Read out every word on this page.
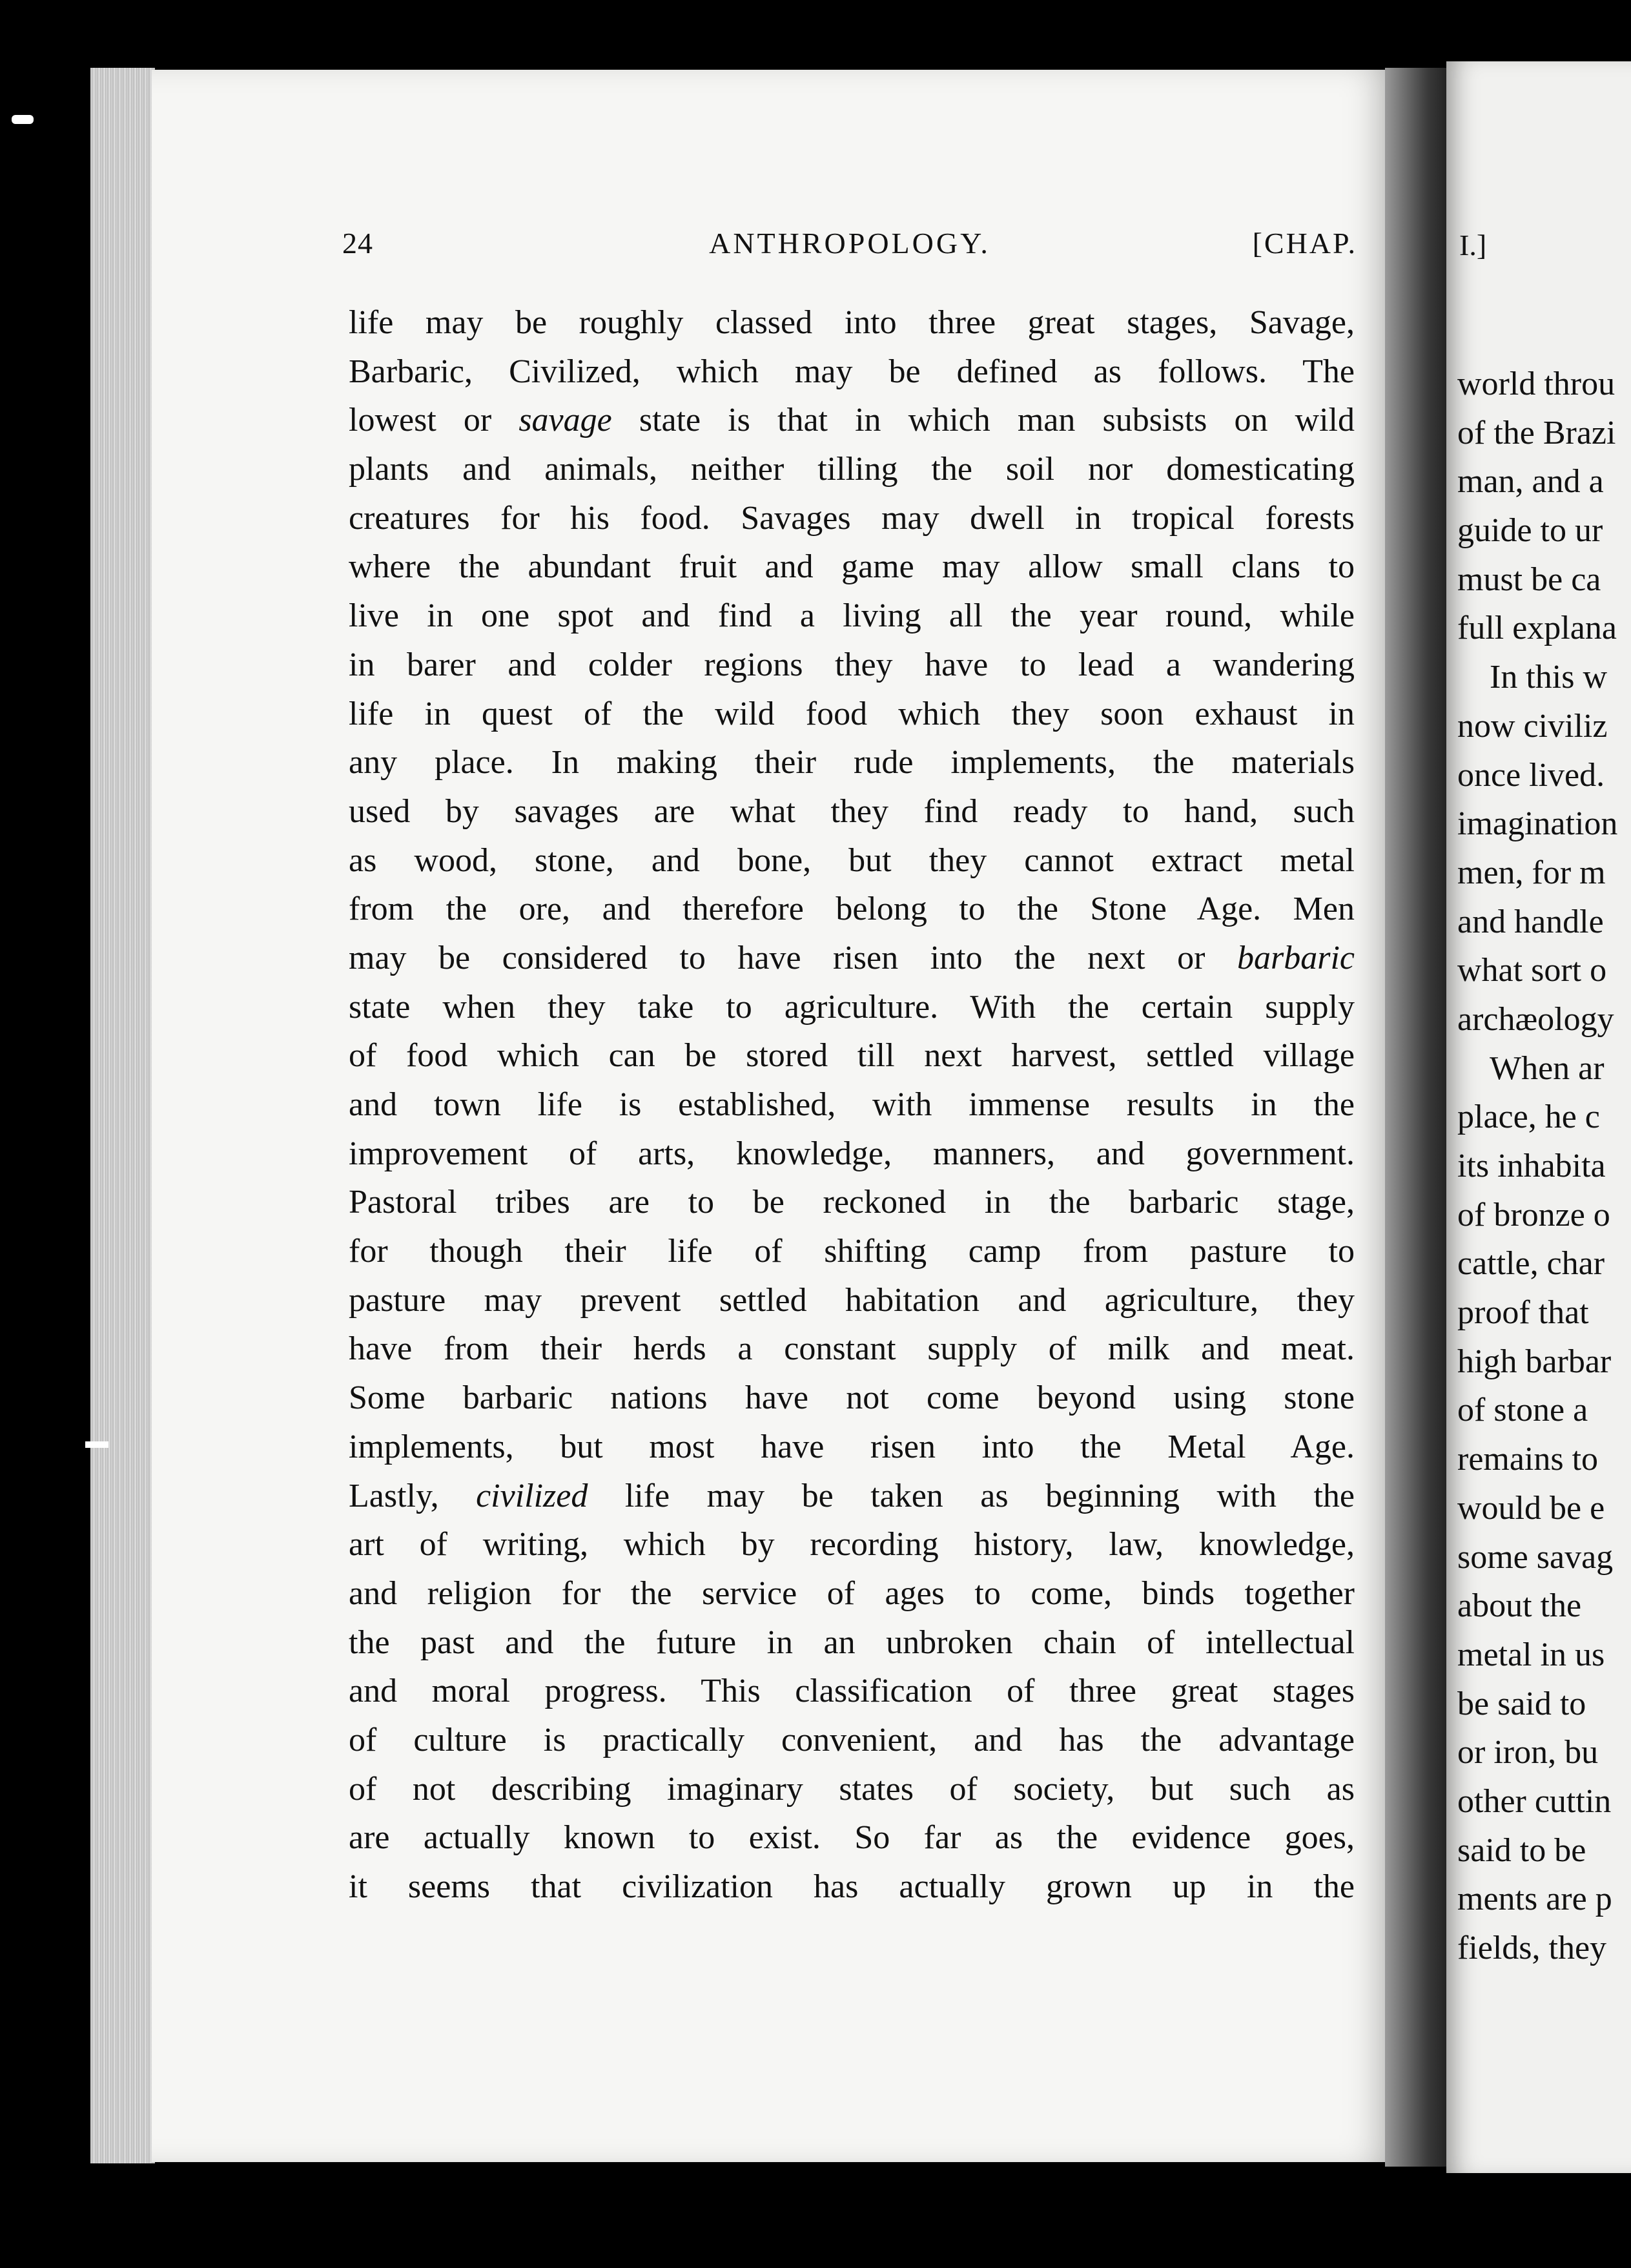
24	ANTHROPOLOGY.	[CHAP.
life may be roughly classed into three great stages, Savage,
Barbaric, Civilized, which may be defined as follows. The
lowest or savage state is that in which man subsists on wild
plants and animals, neither tilling the soil nor domesticating
creatures for his food. Savages may dwell in tropical forests
where the abundant fruit and game may allow small clans to
live in one spot and find a living all the year round, while
in barer and colder regions they have to lead a wandering
life in quest of the wild food which they soon exhaust in
any place. In making their rude implements, the materials
used by savages are what they find ready to hand, such
as wood, stone, and bone, but they cannot extract metal
from the ore, and therefore belong to the Stone Age. Men
may be considered to have risen into the next or barbaric
state when they take to agriculture. With the certain supply
of food which can be stored till next harvest, settled village
and town life is established, with immense results in the
improvement of arts, knowledge, manners, and government.
Pastoral tribes are to be reckoned in the barbaric stage,
for though their life of shifting camp from pasture to
pasture may prevent settled habitation and agriculture, they
have from their herds a constant supply of milk and meat.
Some barbaric nations have not come beyond using stone
implements, but most have risen into the Metal Age.
Lastly, civilized life may be taken as beginning with the
art of writing, which by recording history, law, knowledge,
and religion for the service of ages to come, binds together
the past and the future in an unbroken chain of intellectual
and moral progress. This classification of three great stages
of culture is practically convenient, and has the advantage
of not describing imaginary states of society, but such as
are actually known to exist. So far as the evidence goes,
it seems that civilization has actually grown up in the
I.]
world throu
of the Brazi
man, and a
guide to ur
must be ca
full explana
In this w
now civiliz
once lived.
imagination
men, for m
and handle
what sort o
archæology
When ar
place, he c
its inhabita
of bronze o
cattle, char
proof that
high barbar
of stone a
remains to
would be e
some savag
about the
metal in us
be said to
or iron, bu
other cuttin
said to be
ments are p
fields, they
